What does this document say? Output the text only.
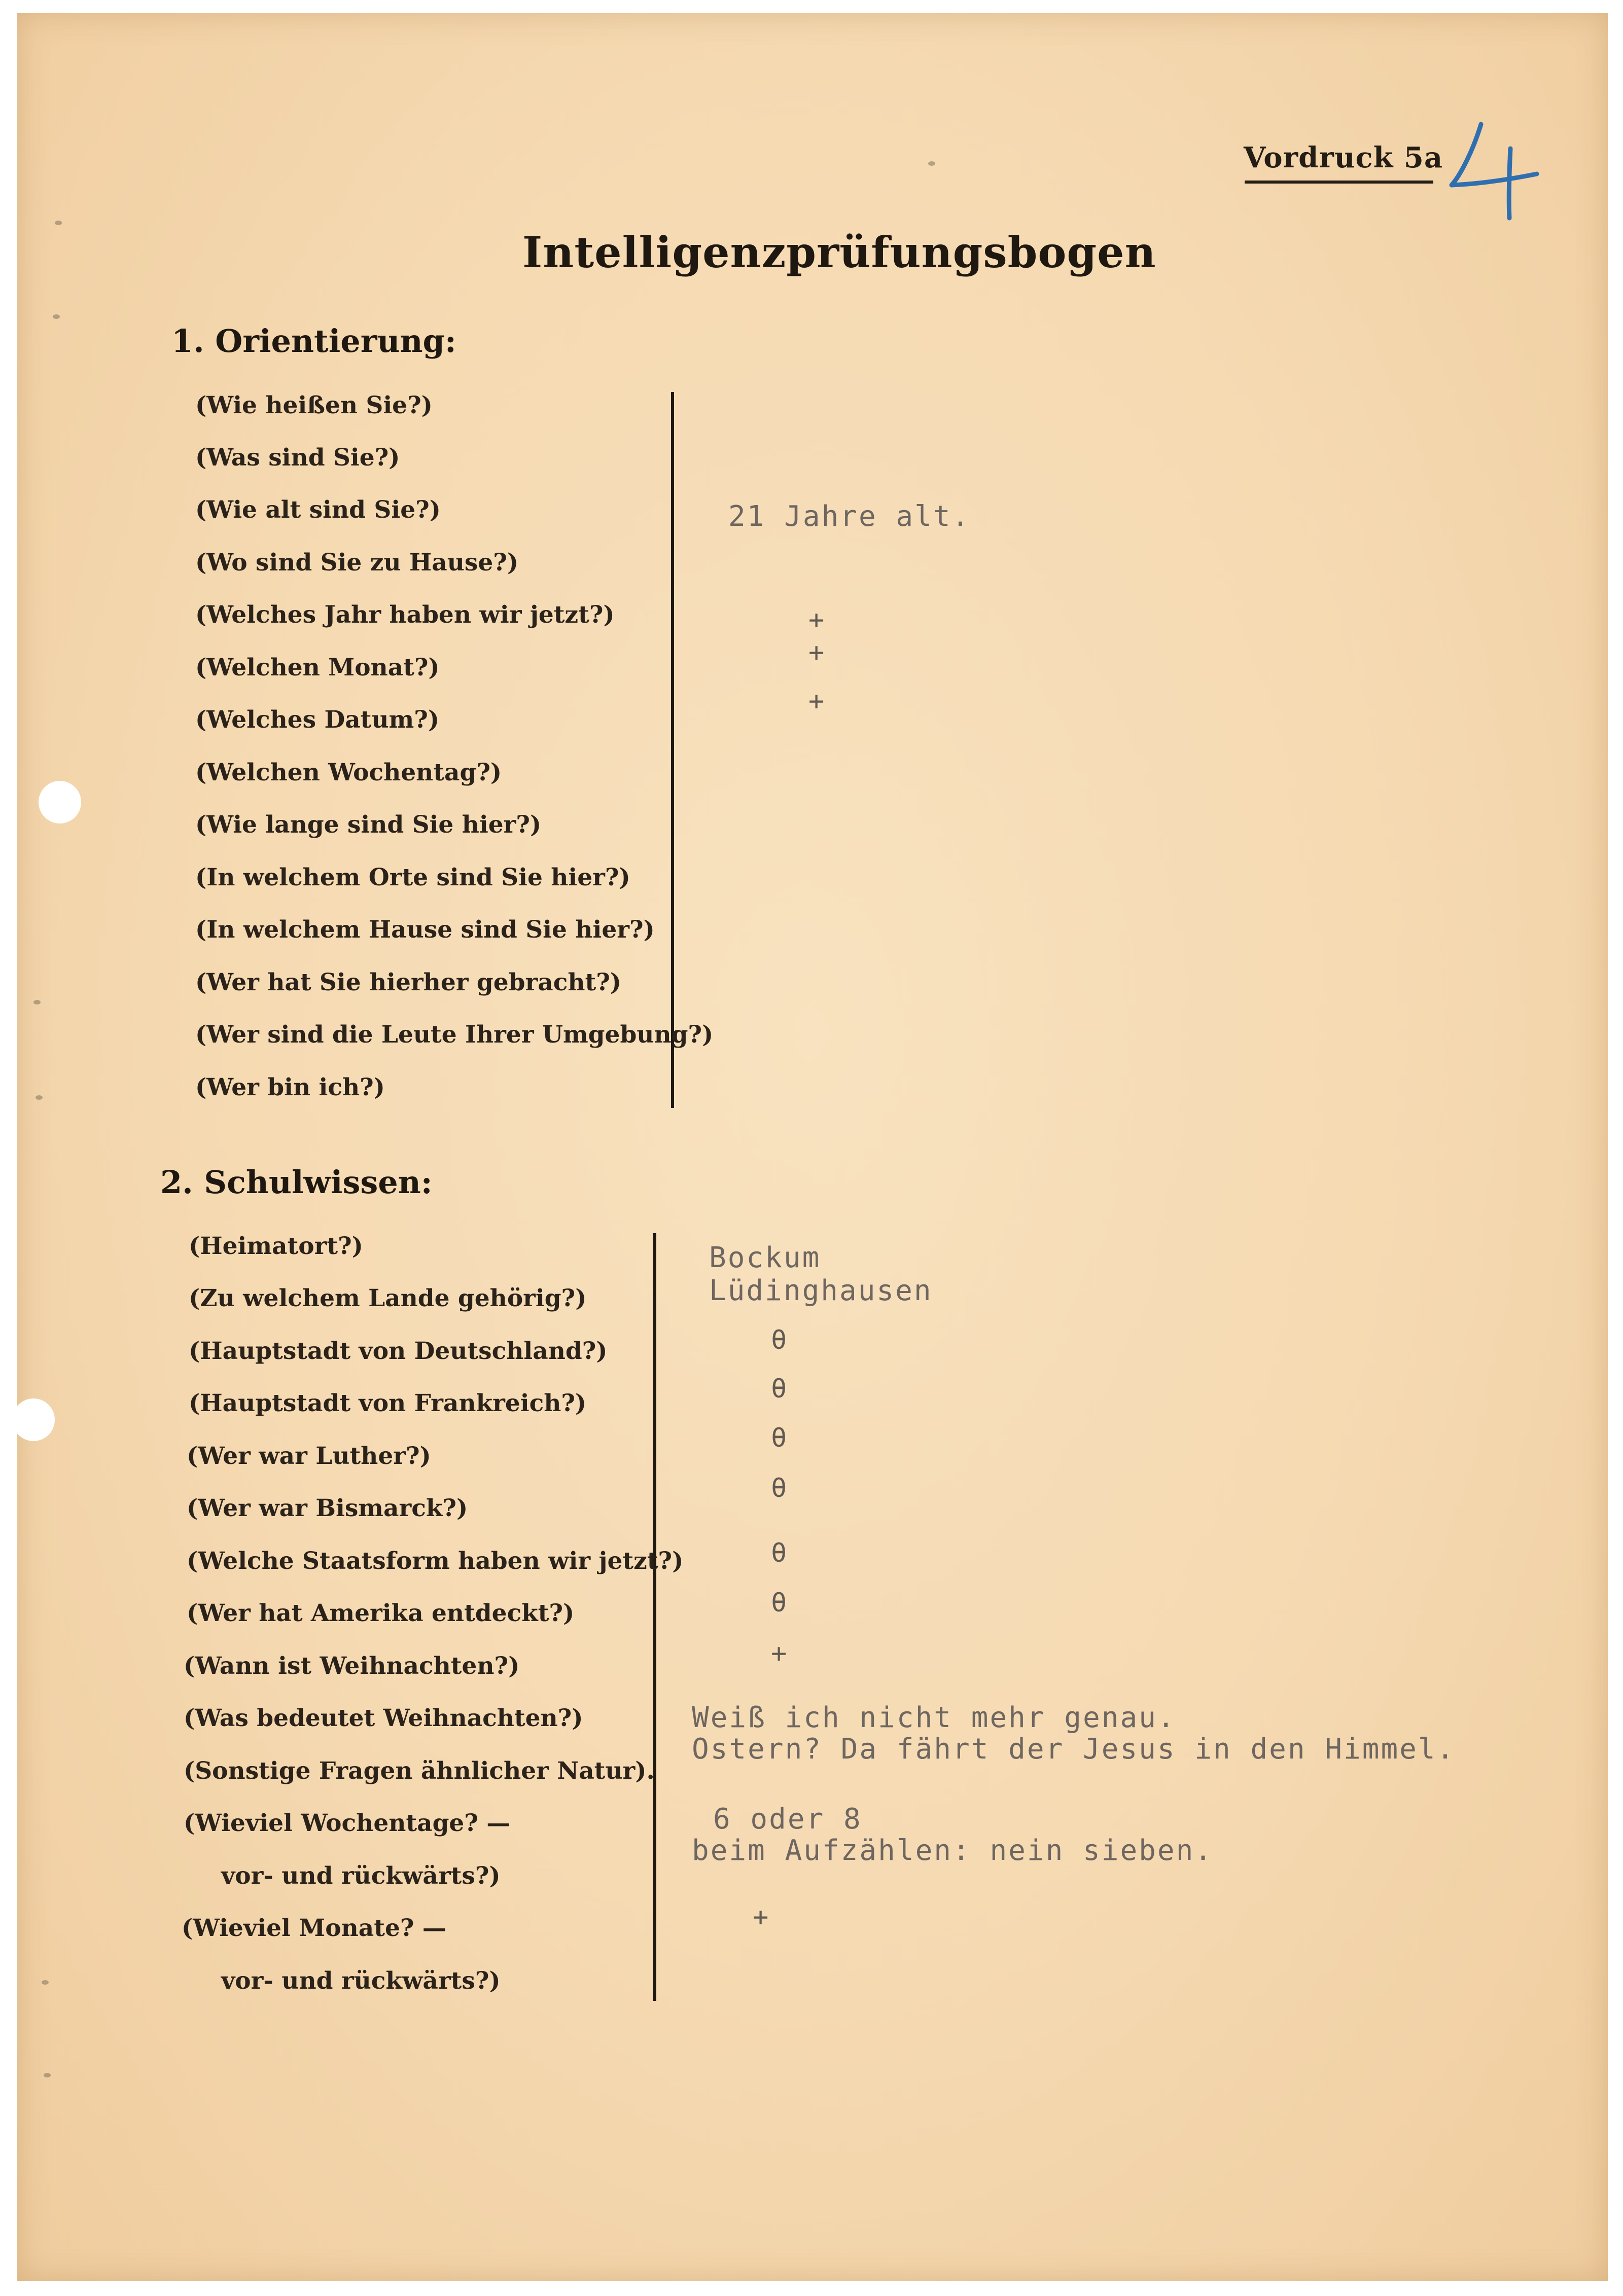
Vordruck 5a
Intelligenzprüfungsbogen
1. Orientierung:
(Wie heißen Sie?)
(Was sind Sie?)
(Wie alt sind Sie?)
(Wo sind Sie zu Hause?)
(Welches Jahr haben wir jetzt?)
(Welchen Monat?)
(Welches Datum?)
(Welchen Wochentag?)
(Wie lange sind Sie hier?)
(In welchem Orte sind Sie hier?)
(In welchem Hause sind Sie hier?)
(Wer hat Sie hierher gebracht?)
(Wer sind die Leute Ihrer Umgebung?)
(Wer bin ich?)
21 Jahre alt.
+
+
+
2. Schulwissen:
(Heimatort?)
(Zu welchem Lande gehörig?)
(Hauptstadt von Deutschland?)
(Hauptstadt von Frankreich?)
(Wer war Luther?)
(Wer war Bismarck?)
(Welche Staatsform haben wir jetzt?)
(Wer hat Amerika entdeckt?)
(Wann ist Weihnachten?)
(Was bedeutet Weihnachten?)
(Sonstige Fragen ähnlicher Natur).
(Wieviel Wochentage? —
vor- und rückwärts?)
(Wieviel Monate? —
vor- und rückwärts?)
Bockum
Lüdinghausen
θ
θ
θ
θ
θ
θ
+
Weiß ich nicht mehr genau.
Ostern? Da fährt der Jesus in den Himmel.
6 oder 8
beim Aufzählen: nein sieben.
+
